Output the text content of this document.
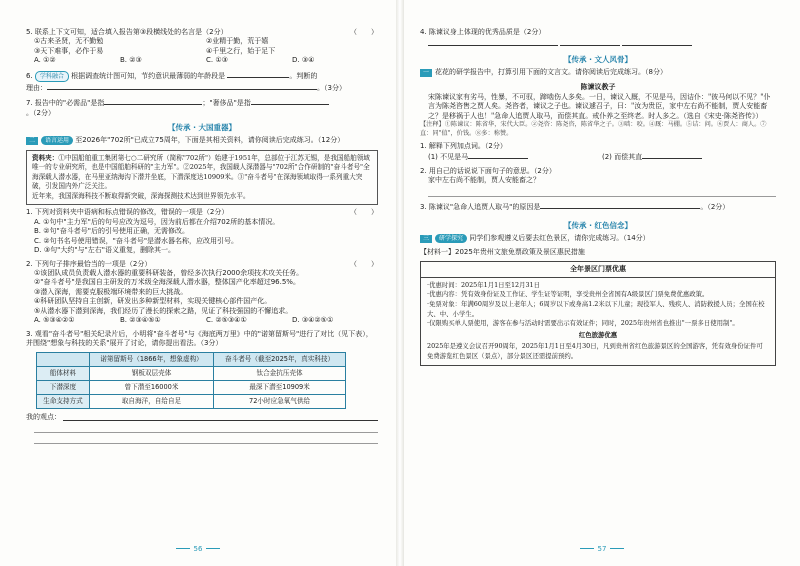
5. 联系上下文可知，适合填入报告第③段横线处的名言是（2分）	（　　）
①古来圣贤，无不勤勉	②业精于勤，荒于嬉
③天下难事，必作于易	④千里之行，始于足下
A. ①②	B. ②③	C. ①③	D. ③④
6. 学科融合 根据调查统计图可知，节约意识最薄弱的年龄段是	。判断的
理由：	。（3分）
7. 报告中的"必需品"是指	；"奢侈品"是指
。（2分）
【传承 · 大国重器】
二 语言运用 至2026年"702所"已成立75周年，下面是其相关资料，请你阅读后完成练习。（12分）
资料夹：①中国船舶重工集团第七○二研究所（简称"702所"）始建于1951年，总部位于江苏无锡，是我国船舶领域唯一的专业研究所，也是中国船舶科研的"主力军"。②2025年，我国载人深潜器与"702所"合作研制的"奋斗者号"全海深载人潜水器，在马里亚纳海沟下潜并坐底，下潜深度达10909米。③"奋斗者号"在深海领域取得一系列重大突破，引发国内外广泛关注。
近年来，我国深海科技不断取得新突破，深海探测技术达到世界领先水平。
1. 下列对资料夹中语病和标点错误的修改，错误的一项是（2分）	（　　）
A. ①句中"主力军"后的句号应改为逗号，因为前后都在介绍702所的基本情况。
B. ②句"奋斗者号"后的引号使用正确，无需修改。
C. ②句书名号使用错误，"奋斗者号"是潜水器名称，应改用引号。
D. ③句"大约"与"左右"语义重复，删除其一。
2. 下列句子排序最恰当的一项是（2分）	（　　）
①该团队成员负责载人潜水器的重要科研装备，曾经多次执行2000余项技术攻关任务。
②"奋斗者号"是我国自主研发的万米级全海深载人潜水器，整体国产化率超过96.5%。
③潜入深海，需要克服极端环境带来的巨大挑战。
④科研团队坚持自主创新，研发出多种新型材料，实现关键核心部件国产化。
⑤从潜水器下潜到深海，我们经历了漫长的探索之路，见证了科技强国的不懈追求。
A. ⑤③④②①	B. ②③④⑤①	C. ②⑤③④①	D. ③④②⑤①
3. 观看"奋斗者号"相关纪录片后，小明将"奋斗者号"与《海底两万里》中的"诺第留斯号"进行了对比（见下表），并围绕"想象与科技的关系"展开了讨论，请你提出看法。（3分）
	诺第留斯号（1866年，想象虚构）	奋斗者号（截至2025年，真实科技）
船体材料	钢板双层壳体	钛合金抗压壳体
下潜深度	曾下潜至16000米	最深下潜至10909米
生命支持方式	取自海洋，自给自足	72小时应急氧气供给
我的观点：
56
4. 陈谏议身上体现的优秀品质是（2分）

【传承 · 文人风骨】
一 花花的研学报告中，打算引用下面的文言文。请你阅读后完成练习。（8分）
陈谏议教子
宋陈谏议家有劣马，性暴，不可驭，蹄啮伤人多矣。一日，谏议入厩，不见是马，因诘仆："彼马何以不见？"仆言为陈尧咨售之贾人矣。尧咨者，谏议之子也。谏议遽召子，曰："汝为贵臣，家中左右尚不能制，贾人安能畜之？是移祸于人也！"急命人追贾人取马，而偿其直。戒仆养之至终老。时人多之。（选自《宋史·陈尧咨传》）
【注释】①陈谏议：陈省华，宋代大臣。②尧咨：陈尧咨，陈省华之子。③啮：咬。④厩：马棚。⑤诘：问。⑥贾人：商人。⑦直：同"值"，价钱。⑧多：称赞。
1. 解释下列加点词。（2分）
(1) 不见是马	(2) 而偿其直
2. 用自己的话说说下面句子的意思。（2分）
家中左右尚不能制，贾人安能畜之？
3. 陈谏议"急命人追贾人取马"的原因是	。（2分）
【传承 · 红色信念】
三 研学探究 同学们参观遵义后要去红色景区，请你完成练习。（14分）
【材料一】2025年贵州文旅免票政策及景区惠民措施
全年景区门票优惠
·优惠时间：2025年1月1日至12月31日
·优惠内容：凭有效身份证及工作证、学生证等证明，享受贵州全省国有A级景区门票免费优惠政策。
·免票对象：年满60周岁及以上老年人；6周岁以下或身高1.2米以下儿童；现役军人、残疾人、消防救援人员；全国在校大、中、小学生。
·仅限购买单人票使用，游客在参与活动时需要出示有效证件；同时，2025年贵州省也推出"一票多日使用制"。
红色旅游优惠
2025年是遵义会议召开90周年，2025年1月1日至4月30日，凡到贵州省红色旅游景区的全国游客，凭有效身份证件可免费游览红色景区（景点），部分景区还需提前预约。
57
